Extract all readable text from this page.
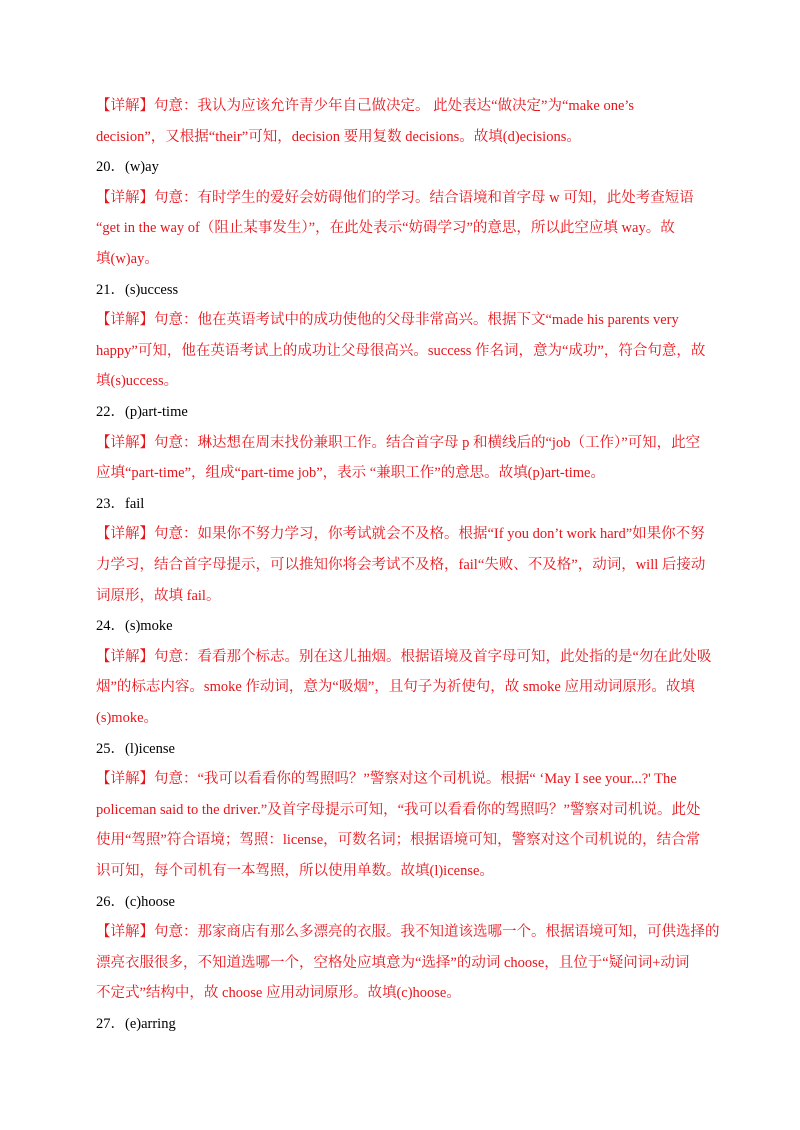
【详解】句意：我认为应该允许青少年自己做决定。 此处表达“做决定”为“make one’s
decision”，又根据“their”可知，decision 要用复数 decisions。故填(d)ecisions。
20．(w)ay
【详解】句意：有时学生的爱好会妨碍他们的学习。结合语境和首字母 w 可知，此处考查短语
“get in the way of（阻止某事发生）”，在此处表示“妨碍学习”的意思，所以此空应填 way。故
填(w)ay。
21．(s)uccess
【详解】句意：他在英语考试中的成功使他的父母非常高兴。根据下文“made his parents very
happy”可知，他在英语考试上的成功让父母很高兴。success 作名词，意为“成功”，符合句意，故
填(s)uccess。
22．(p)art-time
【详解】句意：琳达想在周末找份兼职工作。结合首字母 p 和横线后的“job（工作）”可知，此空
应填“part-time”，组成“part-time job”，表示 “兼职工作”的意思。故填(p)art-time。
23．fail
【详解】句意：如果你不努力学习，你考试就会不及格。根据“If you don’t work hard”如果你不努
力学习，结合首字母提示，可以推知你将会考试不及格，fail“失败、不及格”，动词，will 后接动
词原形，故填 fail。
24．(s)moke
【详解】句意：看看那个标志。别在这儿抽烟。根据语境及首字母可知，此处指的是“勿在此处吸
烟”的标志内容。smoke 作动词，意为“吸烟”，且句子为祈使句，故 smoke 应用动词原形。故填
(s)moke。
25．(l)icense
【详解】句意：“我可以看看你的驾照吗？”警察对这个司机说。根据“ ‘May I see your...?' The
policeman said to the driver.”及首字母提示可知，“我可以看看你的驾照吗？”警察对司机说。此处
使用“驾照”符合语境；驾照：license，可数名词；根据语境可知，警察对这个司机说的，结合常
识可知，每个司机有一本驾照，所以使用单数。故填(l)icense。
26．(c)hoose
【详解】句意：那家商店有那么多漂亮的衣服。我不知道该选哪一个。根据语境可知，可供选择的
漂亮衣服很多，不知道选哪一个，空格处应填意为“选择”的动词 choose，且位于“疑问词+动词
不定式”结构中，故 choose 应用动词原形。故填(c)hoose。
27．(e)arring
